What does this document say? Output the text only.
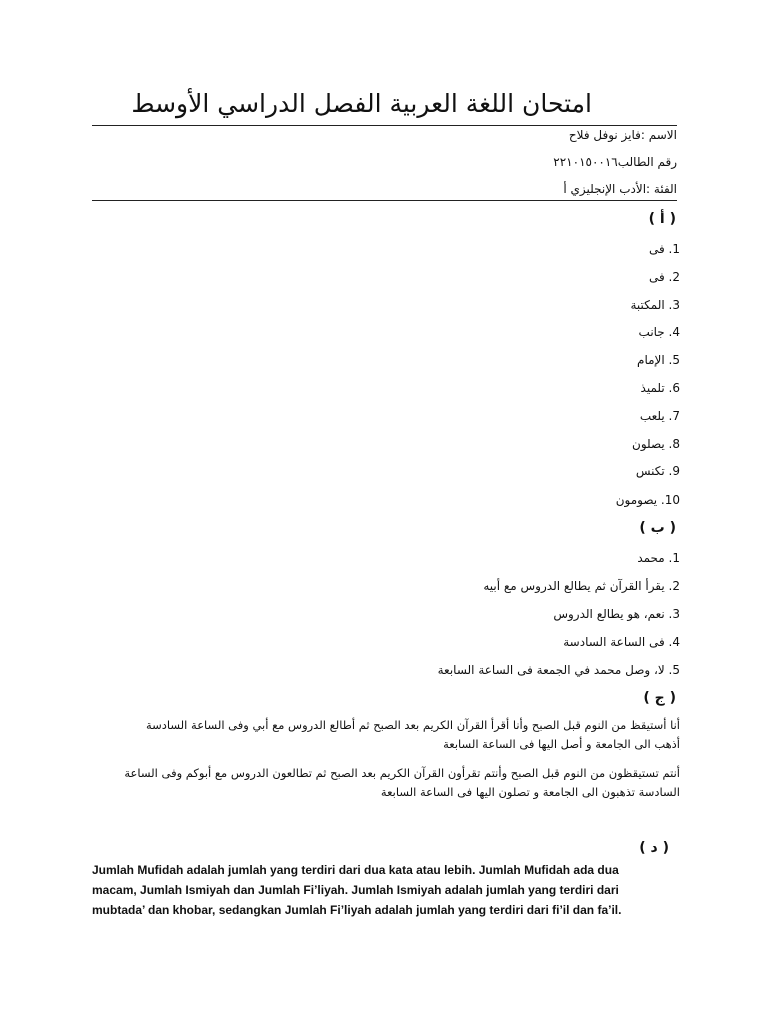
امتحان اللغة العربية الفصل الدراسي الأوسط
الاسم :فايز نوفل فلاح
رقم الطالب٢٢١٠١٥٠٠١٦
الفئة :الأدب الإنجليزي أ
( أ )
1. فى
2. فى
3. المكتبة
4. جانب
5. الإمام
6. تلميذ
7. يلعب
8. يصلون
9. تكنس
10. يصومون
( ب )
1. محمد
2. يقرأ القرآن ثم يطالع الدروس مع أبيه
3. نعم، هو يطالع الدروس
4. فى الساعة السادسة
5. لا، وصل محمد في الجمعة فى الساعة السابعة
( ج )
أنا أستيقظ من النوم قبل الصبح وأنا أقرأ القرآن الكريم بعد الصبح ثم أطالع الدروس مع أبي وفى الساعة السادسة أذهب الى الجامعة و أصل اليها فى الساعة السابعة
أنتم تستيقظون من النوم قبل الصبح وأنتم تقرأون القرآن الكريم بعد الصبح ثم تطالعون الدروس مع أبوكم وفى الساعة السادسة تذهبون الى الجامعة و تصلون اليها فى الساعة السابعة
( د )
Jumlah Mufidah adalah jumlah yang terdiri dari dua kata atau lebih. Jumlah Mufidah ada dua macam, Jumlah Ismiyah dan Jumlah Fi’liyah. Jumlah Ismiyah adalah jumlah yang terdiri dari mubtada’ dan khobar, sedangkan Jumlah Fi’liyah adalah jumlah yang terdiri dari fi’il dan fa’il.
